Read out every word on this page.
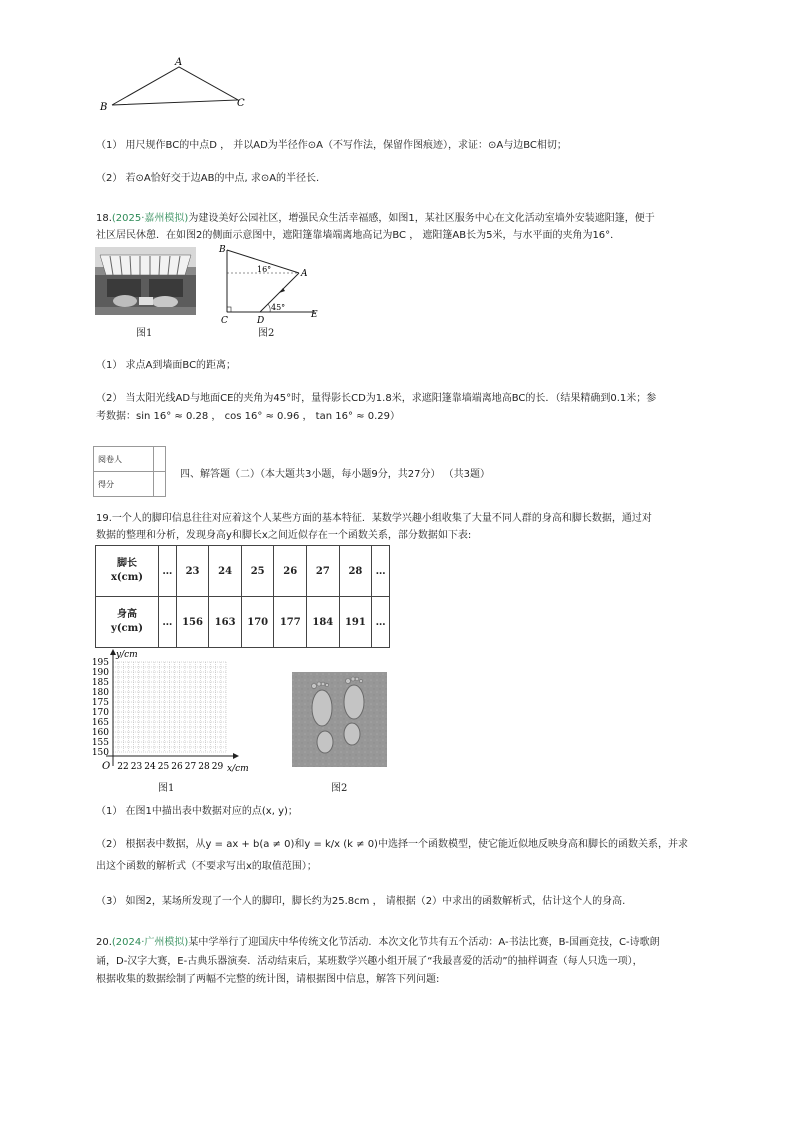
A
B	C
（1） 用尺规作BC的中点D ， 并以AD为半径作⊙A（不写作法，保留作图痕迹），求证：⊙A与边BC相切；
（2） 若⊙A恰好交于边AB的中点, 求⊙A的半径长.
18.(2025·嘉州模拟)为建设美好公园社区，增强民众生活幸福感，如图1，某社区服务中心在文化活动室墙外安装遮阳篷，便于
社区居民休憩．在如图2的侧面示意图中，遮阳篷靠墙端离地高记为BC ， 遮阳篷AB长为5米，与水平面的夹角为16°．
图1
B
A
C	D
E
16°
45°
图2
（1） 求点A到墙面BC的距离；
（2） 当太阳光线AD与地面CE的夹角为45°时，量得影长CD为1.8米，求遮阳篷靠墙端离地高BC的长．（结果精确到0.1米；参
考数据：sin 16° ≈ 0.28 ， cos 16° ≈ 0.96 ， tan 16° ≈ 0.29）
阅卷人	
得分	
四、解答题（二）（本大题共3小题，每小题9分，共27分） （共3题）
19.一个人的脚印信息往往对应着这个人某些方面的基本特征．某数学兴趣小组收集了大量不同人群的身高和脚长数据，通过对
数据的整理和分析，发现身高y和脚长x之间近似存在一个函数关系，部分数据如下表:
脚长
x(cm)	…	23	24	25	26	27	28	…
身高
y(cm)	…	156	163	170	177	184	191	…
195
190
185
180
175
170
165
160
155
150
22 23 24 25 26 27 28 29
y/cm
x/cm
O
图1	图2
（1） 在图1中描出表中数据对应的点(x, y)；
（2） 根据表中数据，从y = ax + b(a ≠ 0)和y = k/x (k ≠ 0)中选择一个函数模型，使它能近似地反映身高和脚长的函数关系，并求
出这个函数的解析式（不要求写出x的取值范围）；
（3） 如图2，某场所发现了一个人的脚印，脚长约为25.8cm ， 请根据（2）中求出的函数解析式，估计这个人的身高.
20.(2024·广州模拟)某中学举行了迎国庆中华传统文化节活动．本次文化节共有五个活动：A-书法比赛，B-国画竞技，C-诗歌朗
诵，D-汉字大赛，E-古典乐器演奏．活动结束后，某班数学兴趣小组开展了“我最喜爱的活动”的抽样调查（每人只选一项），
根据收集的数据绘制了两幅不完整的统计图，请根据图中信息，解答下列问题:
